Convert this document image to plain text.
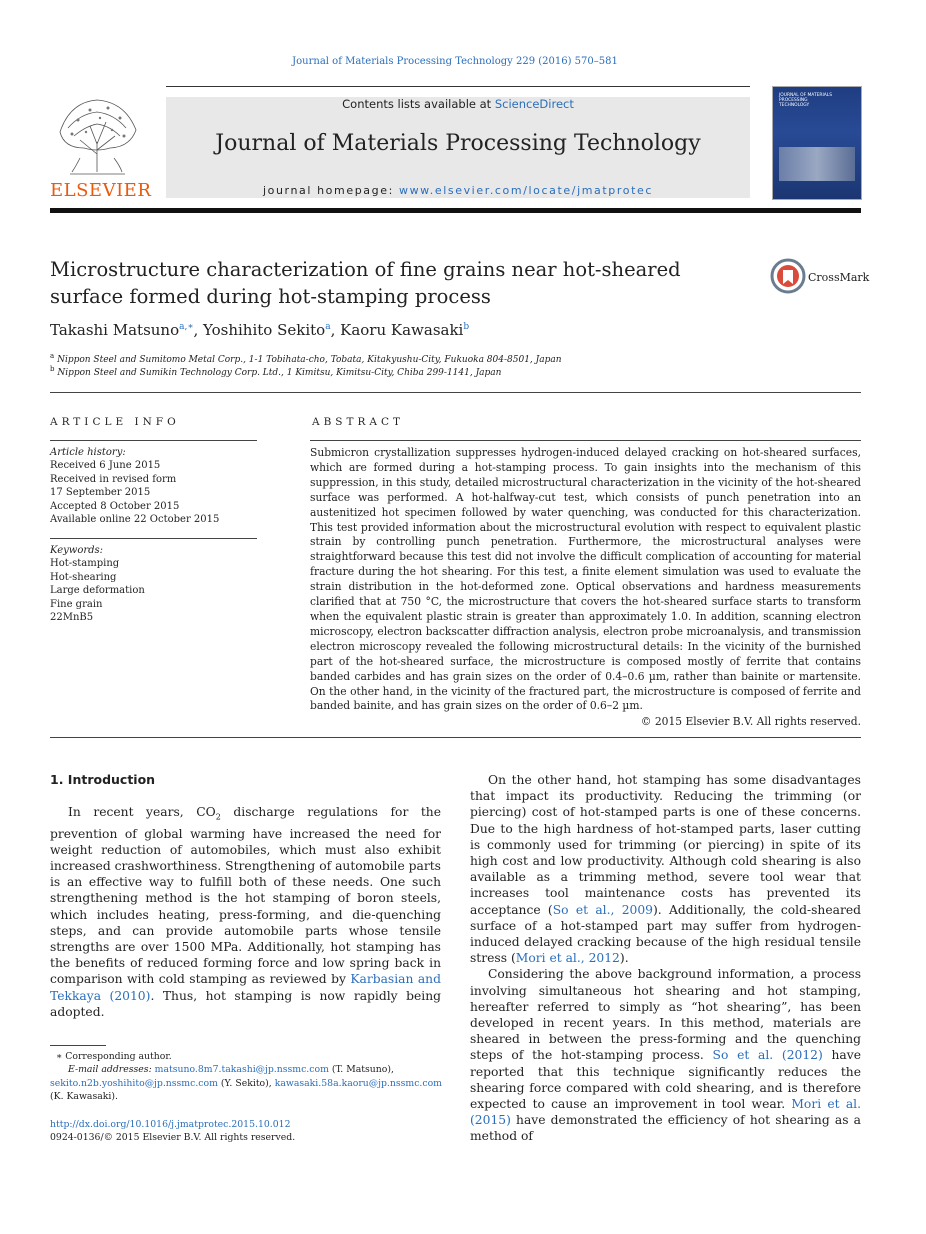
Journal of Materials Processing Technology 229 (2016) 570–581
ELSEVIER
Contents lists available at ScienceDirect
Journal of Materials Processing Technology
journal homepage: www.elsevier.com/locate/jmatprotec
JOURNAL OF MATERIALS PROCESSING TECHNOLOGY
Microstructure characterization of fine grains near hot-sheared
surface formed during hot-stamping process
CrossMark
Takashi Matsuno$^{a,∗}$, Yoshihito Sekito$^a$, Kaoru Kawasaki$^b$
$^a$ Nippon Steel and Sumitomo Metal Corp., 1-1 Tobihata-cho, Tobata, Kitakyushu-City, Fukuoka 804-8501, Japan
$^b$ Nippon Steel and Sumikin Technology Corp. Ltd., 1 Kimitsu, Kimitsu-City, Chiba 299-1141, Japan
ARTICLE INFO
Article history:
Received 6 June 2015
Received in revised form
17 September 2015
Accepted 8 October 2015
Available online 22 October 2015
Keywords:
Hot-stamping
Hot-shearing
Large deformation
Fine grain
22MnB5
ABSTRACT

Submicron crystallization suppresses hydrogen-induced delayed cracking on hot-sheared surfaces, which are formed during a hot-stamping process. To gain insights into the mechanism of this suppression, in this study, detailed microstructural characterization in the vicinity of the hot-sheared surface was performed. A hot-halfway-cut test, which consists of punch penetration into an austenitized hot specimen followed by water quenching, was conducted for this characterization. This test provided information about the microstructural evolution with respect to equivalent plastic strain by controlling punch penetration. Furthermore, the microstructural analyses were straightforward because this test did not involve the difficult complication of accounting for material fracture during the hot shearing. For this test, a finite element simulation was used to evaluate the strain distribution in the hot-deformed zone. Optical observations and hardness measurements clarified that at 750 °C, the microstructure that covers the hot-sheared surface starts to transform when the equivalent plastic strain is greater than approximately 1.0. In addition, scanning electron microscopy, electron backscatter diffraction analysis, electron probe microanalysis, and transmission electron microscopy revealed the following microstructural details: In the vicinity of the burnished part of the hot-sheared surface, the microstructure is composed mostly of ferrite that contains banded carbides and has grain sizes on the order of 0.4–0.6 µm, rather than bainite or martensite. On the other hand, in the vicinity of the fractured part, the microstructure is composed of ferrite and banded bainite, and has grain sizes on the order of 0.6–2 µm.

© 2015 Elsevier B.V. All rights reserved.
1. Introduction

In recent years, $CO_2$ discharge regulations for the prevention of global warming have increased the need for weight reduction of automobiles, which must also exhibit increased crashworthiness. Strengthening of automobile parts is an effective way to fulfill both of these needs. One such strengthening method is the hot stamping of boron steels, which includes heating, press-forming, and die-quenching steps, and can provide automobile parts whose tensile strengths are over 1500 MPa. Additionally, hot stamping has the benefits of reduced forming force and low spring back in comparison with cold stamping as reviewed by Karbasian and Tekkaya (2010). Thus, hot stamping is now rapidly being adopted.

On the other hand, hot stamping has some disadvantages that impact its productivity. Reducing the trimming (or piercing) cost of hot-stamped parts is one of these concerns. Due to the high hardness of hot-stamped parts, laser cutting is commonly used for trimming (or piercing) in spite of its high cost and low productivity. Although cold shearing is also available as a trimming method, severe tool wear that increases tool maintenance costs has prevented its acceptance (So et al., 2009). Additionally, the cold-sheared surface of a hot-stamped part may suffer from hydrogen-induced delayed cracking because of the high residual tensile stress (Mori et al., 2012).

Considering the above background information, a process involving simultaneous hot shearing and hot stamping, hereafter referred to simply as “hot shearing”, has been developed in recent years. In this method, materials are sheared in between the press-forming and the quenching steps of the hot-stamping process. So et al. (2012) have reported that this technique significantly reduces the shearing force compared with cold shearing, and is therefore expected to cause an improvement in tool wear. Mori et al. (2015) have demonstrated the efficiency of hot shearing as a method of

∗ Corresponding author.
E-mail addresses: matsuno.8m7.takashi@jp.nssmc.com (T. Matsuno),
sekito.n2b.yoshihito@jp.nssmc.com (Y. Sekito), kawasaki.58a.kaoru@jp.nssmc.com
(K. Kawasaki).
http://dx.doi.org/10.1016/j.jmatprotec.2015.10.012
0924-0136/© 2015 Elsevier B.V. All rights reserved.
